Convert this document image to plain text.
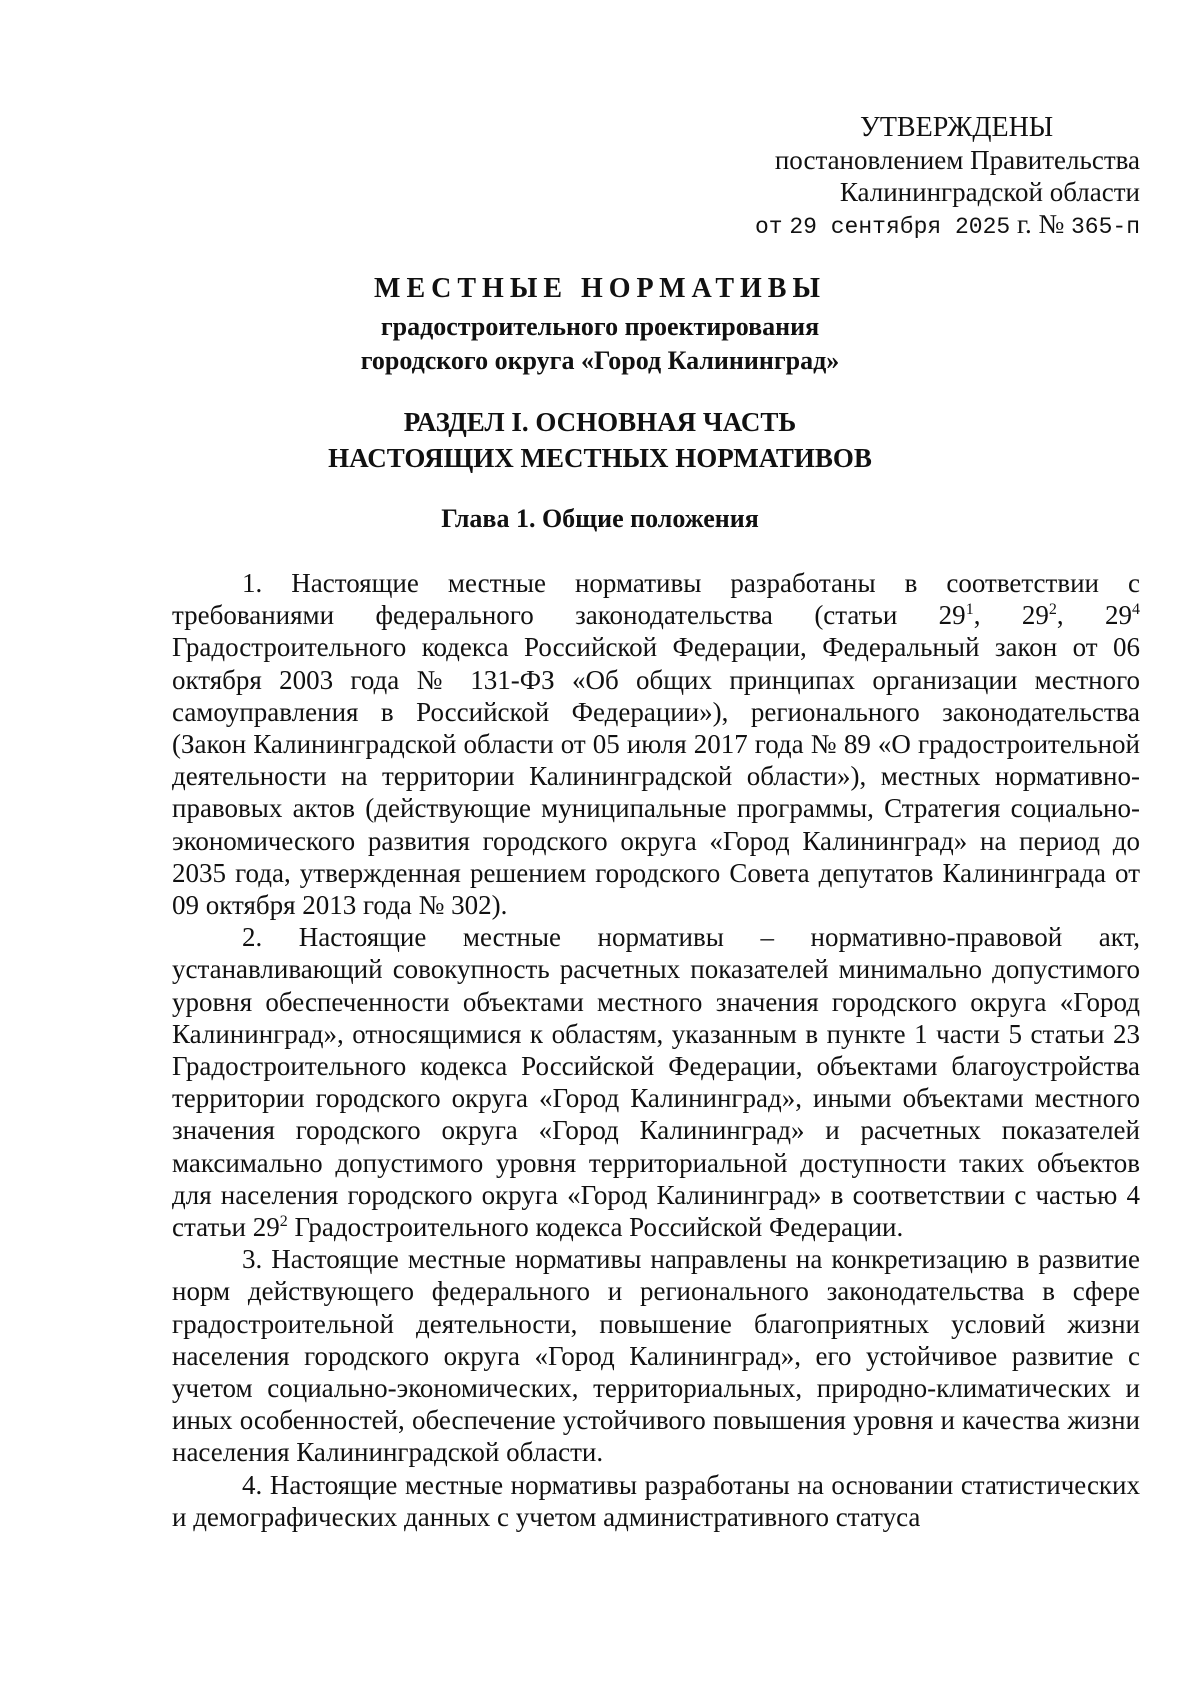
УТВЕРЖДЕНЫ
постановлением Правительства
Калининградской области
от 29 сентября 2025 г. № 365-п
МЕСТНЫЕ НОРМАТИВЫ
градостроительного проектирования
городского округа «Город Калининград»
РАЗДЕЛ I. ОСНОВНАЯ ЧАСТЬ
НАСТОЯЩИХ МЕСТНЫХ НОРМАТИВОВ
Глава 1. Общие положения

1. Настоящие местные нормативы разработаны в соответствии с требованиями федерального законодательства (статьи $29^1$, $29^2$, $29^4$ Градостроительного кодекса Российской Федерации, Федеральный закон от 06 октября 2003 года № 131-ФЗ «Об общих принципах организации местного самоуправления в Российской Федерации»), регионального законодательства (Закон Калининградской области от 05 июля 2017 года № 89 «О градостроительной деятельности на территории Калининградской области»), местных нормативно-правовых актов (действующие муниципальные программы, Стратегия социально-экономического развития городского округа «Город Калининград» на период до 2035 года, утвержденная решением городского Совета депутатов Калининграда от 09 октября 2013 года № 302).

2. Настоящие местные нормативы – нормативно-правовой акт, устанавливающий совокупность расчетных показателей минимально допустимого уровня обеспеченности объектами местного значения городского округа «Город Калининград», относящимися к областям, указанным в пункте 1 части 5 статьи 23 Градостроительного кодекса Российской Федерации, объектами благоустройства территории городского округа «Город Калининград», иными объектами местного значения городского округа «Город Калининград» и расчетных показателей максимально допустимого уровня территориальной доступности таких объектов для населения городского округа «Город Калининград» в соответствии с частью 4 статьи $29^2$ Градостроительного кодекса Российской Федерации.

3. Настоящие местные нормативы направлены на конкретизацию в развитие норм действующего федерального и регионального законодательства в сфере градостроительной деятельности, повышение благоприятных условий жизни населения городского округа «Город Калининград», его устойчивое развитие с учетом социально-экономических, территориальных, природно-климатических и иных особенностей, обеспечение устойчивого повышения уровня и качества жизни населения Калининградской области.

4. Настоящие местные нормативы разработаны на основании статистических и демографических данных с учетом административного статуса
